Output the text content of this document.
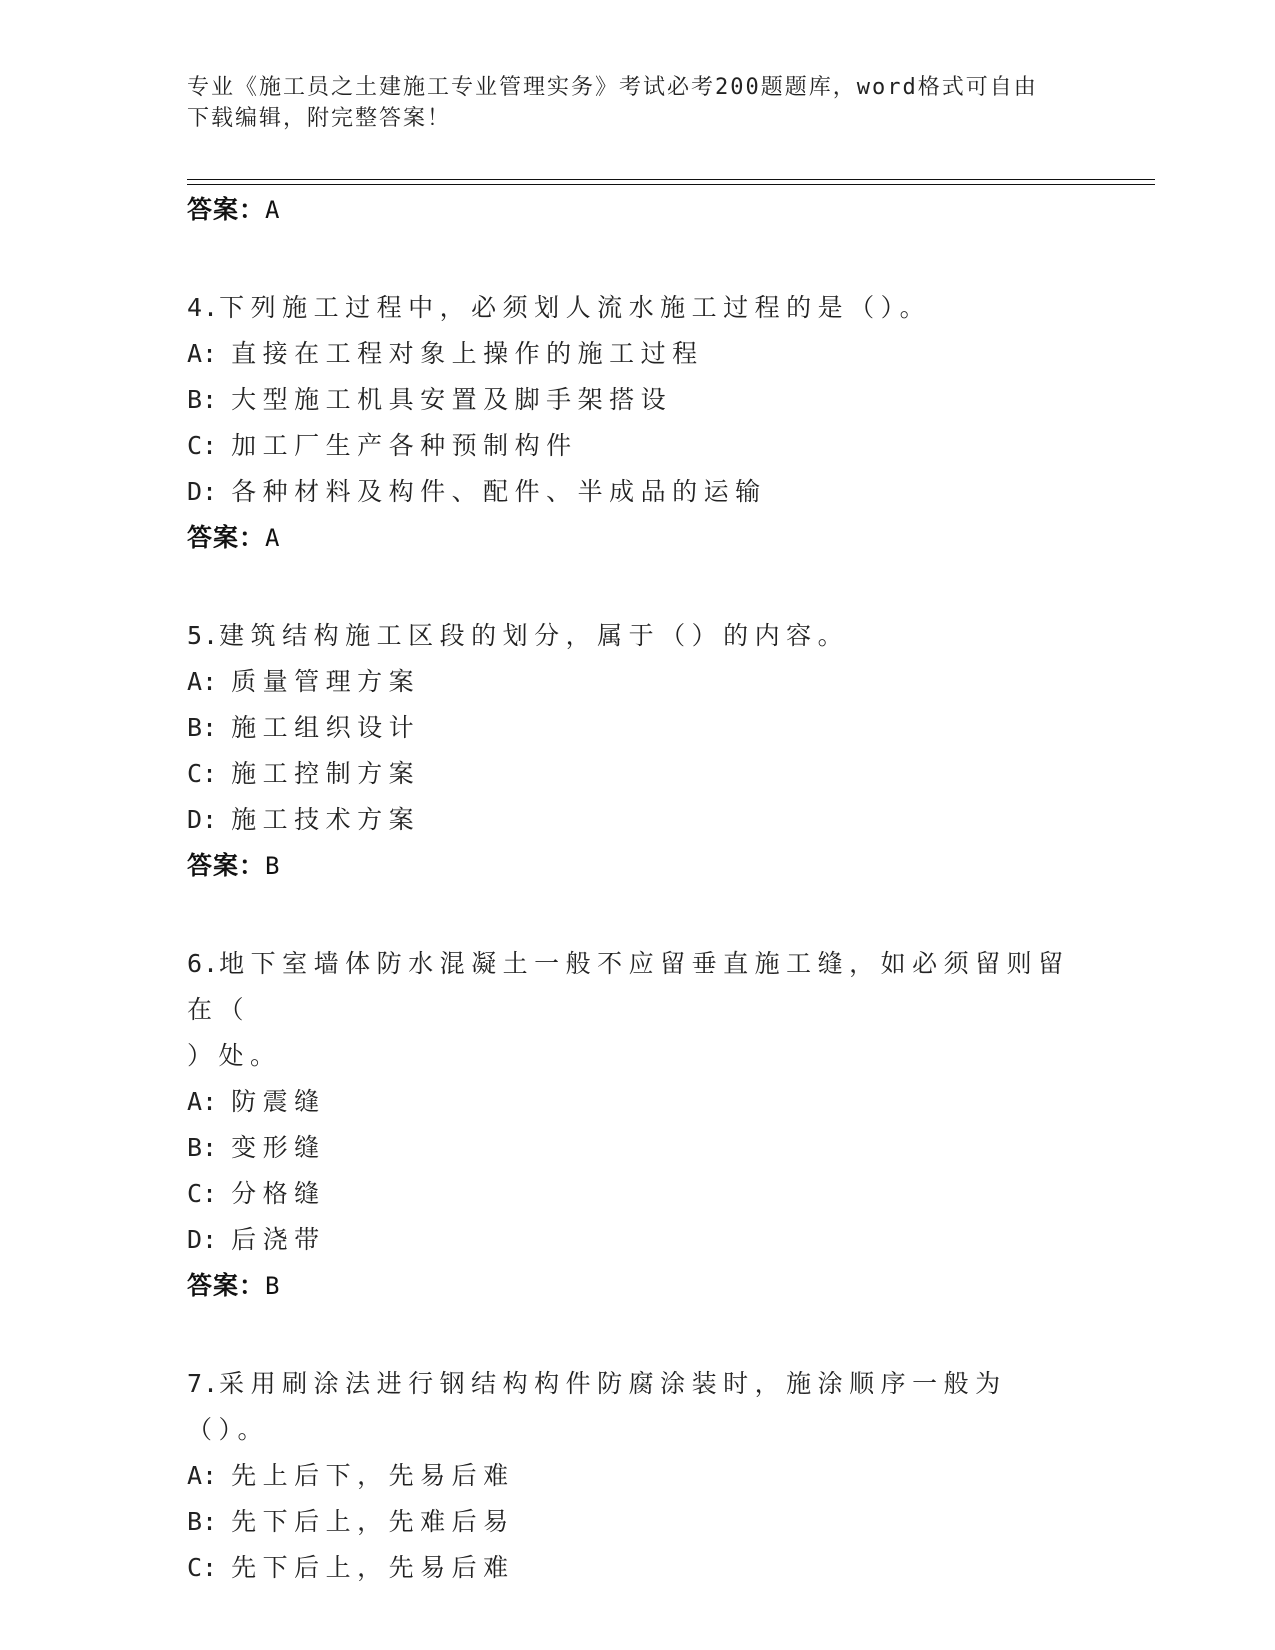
专业《施工员之土建施工专业管理实务》考试必考200题题库，word格式可自由
下载编辑，附完整答案！
答案：A
4.下列施工过程中，必须划人流水施工过程的是（）。
A: 直接在工程对象上操作的施工过程
B: 大型施工机具安置及脚手架搭设
C: 加工厂生产各种预制构件
D: 各种材料及构件、配件、半成品的运输
答案：A
5.建筑结构施工区段的划分，属于（）的内容。
A: 质量管理方案
B: 施工组织设计
C: 施工控制方案
D: 施工技术方案
答案：B
6.地下室墙体防水混凝土一般不应留垂直施工缝，如必须留则留在（
）处。
A: 防震缝
B: 变形缝
C: 分格缝
D: 后浇带
答案：B
7.采用刷涂法进行钢结构构件防腐涂装时，施涂顺序一般为（）。
A: 先上后下，先易后难
B: 先下后上，先难后易
C: 先下后上，先易后难
